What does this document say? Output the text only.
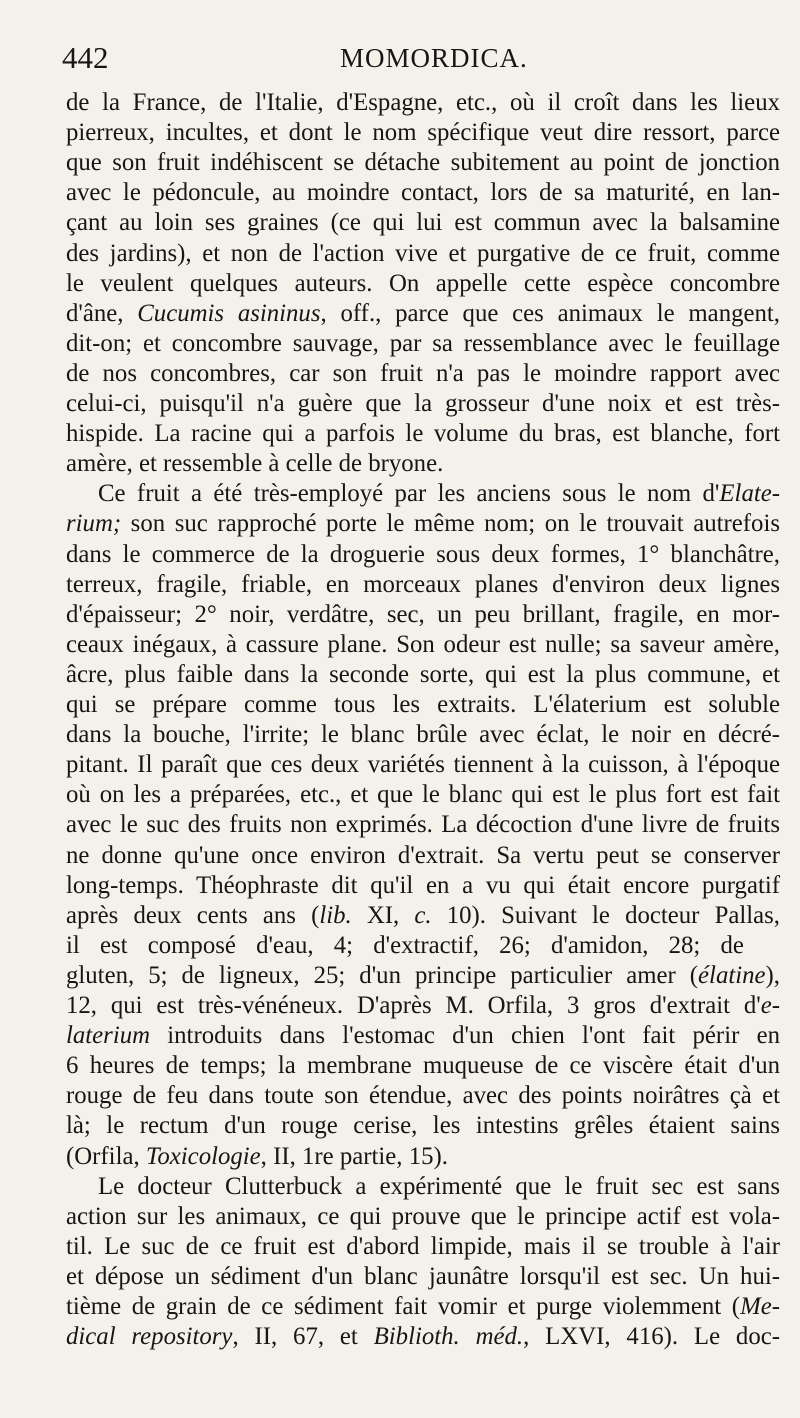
442	MOMORDICA.
de la France, de l'Italie, d'Espagne, etc., où il croît dans les lieux
pierreux, incultes, et dont le nom spécifique veut dire ressort, parce
que son fruit indéhiscent se détache subitement au point de jonction
avec le pédoncule, au moindre contact, lors de sa maturité, en lan-
çant au loin ses graines (ce qui lui est commun avec la balsamine
des jardins), et non de l'action vive et purgative de ce fruit, comme
le veulent quelques auteurs. On appelle cette espèce concombre
d'âne, Cucumis asininus, off., parce que ces animaux le mangent,
dit-on; et concombre sauvage, par sa ressemblance avec le feuillage
de nos concombres, car son fruit n'a pas le moindre rapport avec
celui-ci, puisqu'il n'a guère que la grosseur d'une noix et est très-
hispide. La racine qui a parfois le volume du bras, est blanche, fort
amère, et ressemble à celle de bryone.
Ce fruit a été très-employé par les anciens sous le nom d'Elate-
rium; son suc rapproché porte le même nom; on le trouvait autrefois
dans le commerce de la droguerie sous deux formes, 1° blanchâtre,
terreux, fragile, friable, en morceaux planes d'environ deux lignes
d'épaisseur; 2° noir, verdâtre, sec, un peu brillant, fragile, en mor-
ceaux inégaux, à cassure plane. Son odeur est nulle; sa saveur amère,
âcre, plus faible dans la seconde sorte, qui est la plus commune, et
qui se prépare comme tous les extraits. L'élaterium est soluble
dans la bouche, l'irrite; le blanc brûle avec éclat, le noir en décré-
pitant. Il paraît que ces deux variétés tiennent à la cuisson, à l'époque
où on les a préparées, etc., et que le blanc qui est le plus fort est fait
avec le suc des fruits non exprimés. La décoction d'une livre de fruits
ne donne qu'une once environ d'extrait. Sa vertu peut se conserver
long-temps. Théophraste dit qu'il en a vu qui était encore purgatif
après deux cents ans (lib. XI, c. 10). Suivant le docteur Pallas,
il est composé d'eau, 4; d'extractif, 26; d'amidon, 28; de
gluten, 5; de ligneux, 25; d'un principe particulier amer (élatine),
12, qui est très-vénéneux. D'après M. Orfila, 3 gros d'extrait d'e-
laterium introduits dans l'estomac d'un chien l'ont fait périr en
6 heures de temps; la membrane muqueuse de ce viscère était d'un
rouge de feu dans toute son étendue, avec des points noirâtres çà et
là; le rectum d'un rouge cerise, les intestins grêles étaient sains
(Orfila, Toxicologie, II, 1re partie, 15).
Le docteur Clutterbuck a expérimenté que le fruit sec est sans
action sur les animaux, ce qui prouve que le principe actif est vola-
til. Le suc de ce fruit est d'abord limpide, mais il se trouble à l'air
et dépose un sédiment d'un blanc jaunâtre lorsqu'il est sec. Un hui-
tième de grain de ce sédiment fait vomir et purge violemment (Me-
dical repository, II, 67, et Biblioth. méd., LXVI, 416). Le doc-
